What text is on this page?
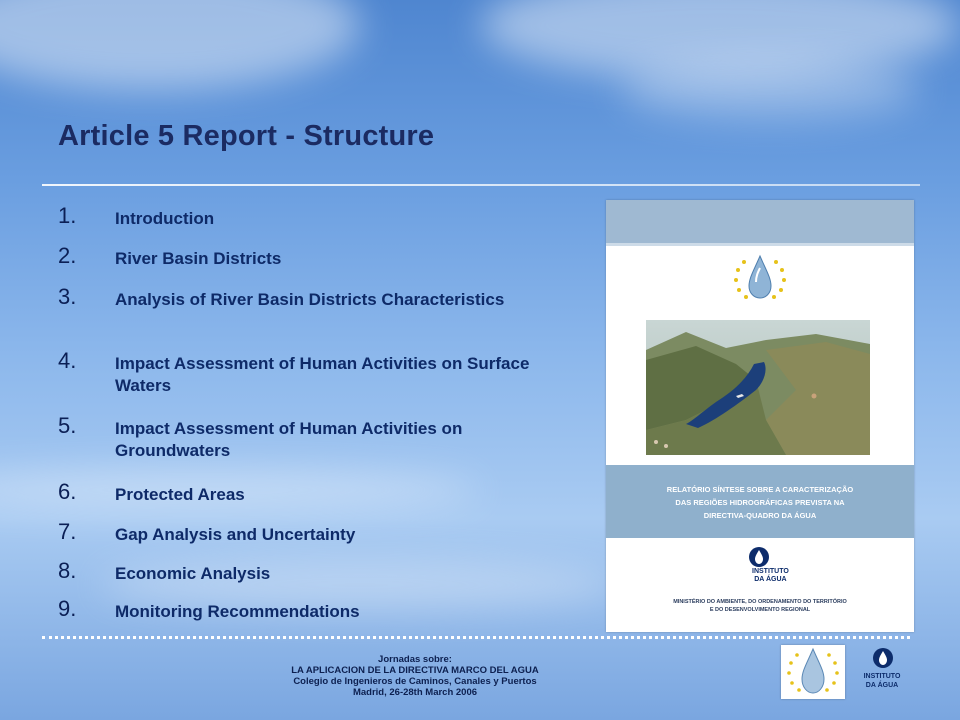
Article 5 Report - Structure
1. Introduction
2. River Basin Districts
3. Analysis of River Basin Districts Characteristics
4. Impact Assessment of Human Activities on Surface Waters
5. Impact Assessment of Human Activities on Groundwaters
6. Protected Areas
7. Gap Analysis and Uncertainty
8. Economic Analysis
9. Monitoring Recommendations
RELATÓRIO SÍNTESE SOBRE A CARACTERIZAÇÃO
DAS REGIÕES HIDROGRÁFICAS PREVISTA NA
DIRECTIVA-QUADRO DA ÁGUA
INSTITUTO
DA ÁGUA
MINISTÉRIO DO AMBIENTE, DO ORDENAMENTO DO TERRITÓRIO
E DO DESENVOLVIMENTO REGIONAL
Jornadas sobre:
LA APLICACION DE LA DIRECTIVA MARCO DEL AGUA
Colegio de Ingenieros de Caminos, Canales y Puertos
Madrid, 26-28th March 2006
INSTITUTO
DA ÁGUA
